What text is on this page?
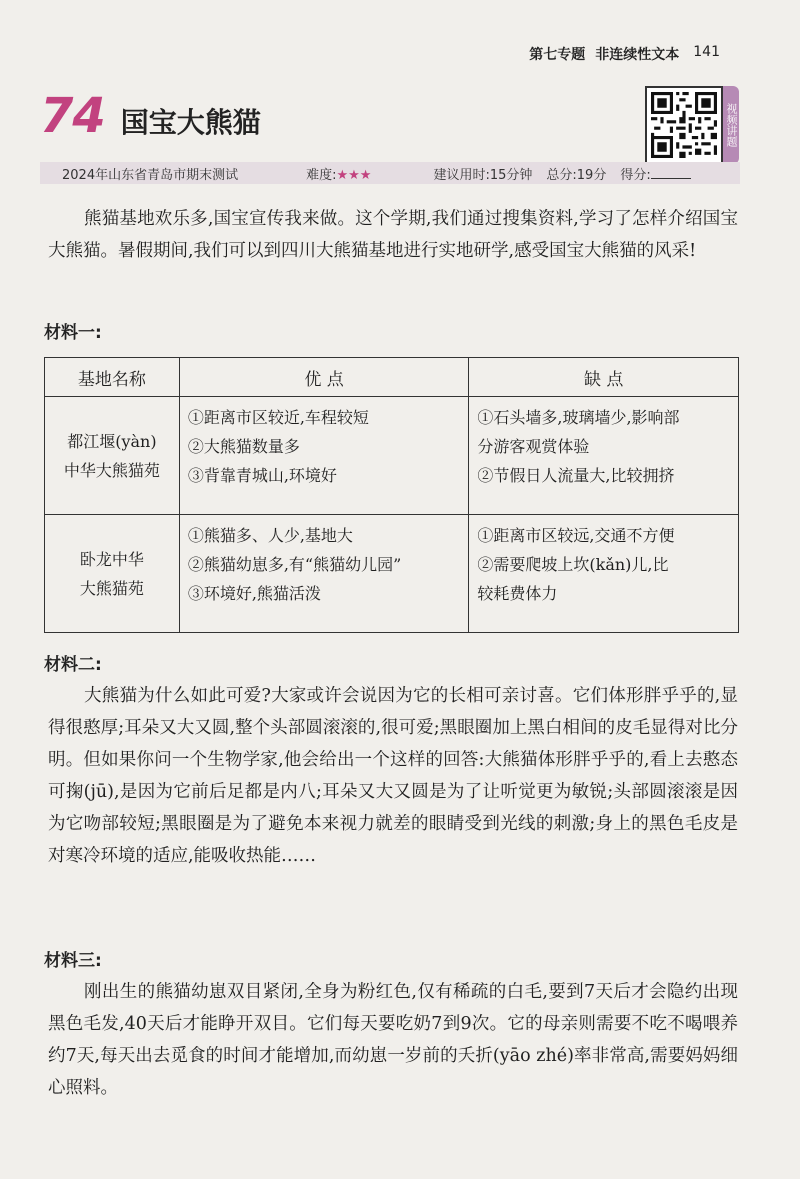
第七专题 非连续性文本 141
74 国宝大熊猫	视频讲题
2024年山东省青岛市期末测试	难度:★★★	建议用时:15分钟 总分:19分 得分:

熊猫基地欢乐多,国宝宣传我来做。这个学期,我们通过搜集资料,学习了怎样介绍国宝大熊猫。暑假期间,我们可以到四川大熊猫基地进行实地研学,感受国宝大熊猫的风采!

材料一:
基地名称	优 点	缺 点

都江堰(yàn)
中华大熊猫苑	①距离市区较近,车程较短
②大熊猫数量多
③背靠青城山,环境好	①石头墙多,玻璃墙少,影响部
分游客观赏体验
②节假日人流量大,比较拥挤

卧龙中华
大熊猫苑	①熊猫多、人少,基地大
②熊猫幼崽多,有“熊猫幼儿园”
③环境好,熊猫活泼	①距离市区较远,交通不方便
②需要爬坡上坎(kǎn)儿,比
较耗费体力
材料二:

大熊猫为什么如此可爱?大家或许会说因为它的长相可亲讨喜。它们体形胖乎乎的,显得很憨厚;耳朵又大又圆,整个头部圆滚滚的,很可爱;黑眼圈加上黑白相间的皮毛显得对比分明。但如果你问一个生物学家,他会给出一个这样的回答:大熊猫体形胖乎乎的,看上去憨态可掬(jū),是因为它前后足都是内八;耳朵又大又圆是为了让听觉更为敏锐;头部圆滚滚是因为它吻部较短;黑眼圈是为了避免本来视力就差的眼睛受到光线的刺激;身上的黑色毛皮是对寒冷环境的适应,能吸收热能……

材料三:

刚出生的熊猫幼崽双目紧闭,全身为粉红色,仅有稀疏的白毛,要到7天后才会隐约出现黑色毛发,40天后才能睁开双目。它们每天要吃奶7到9次。它的母亲则需要不吃不喝喂养约7天,每天出去觅食的时间才能增加,而幼崽一岁前的夭折(yāo zhé)率非常高,需要妈妈细心照料。
